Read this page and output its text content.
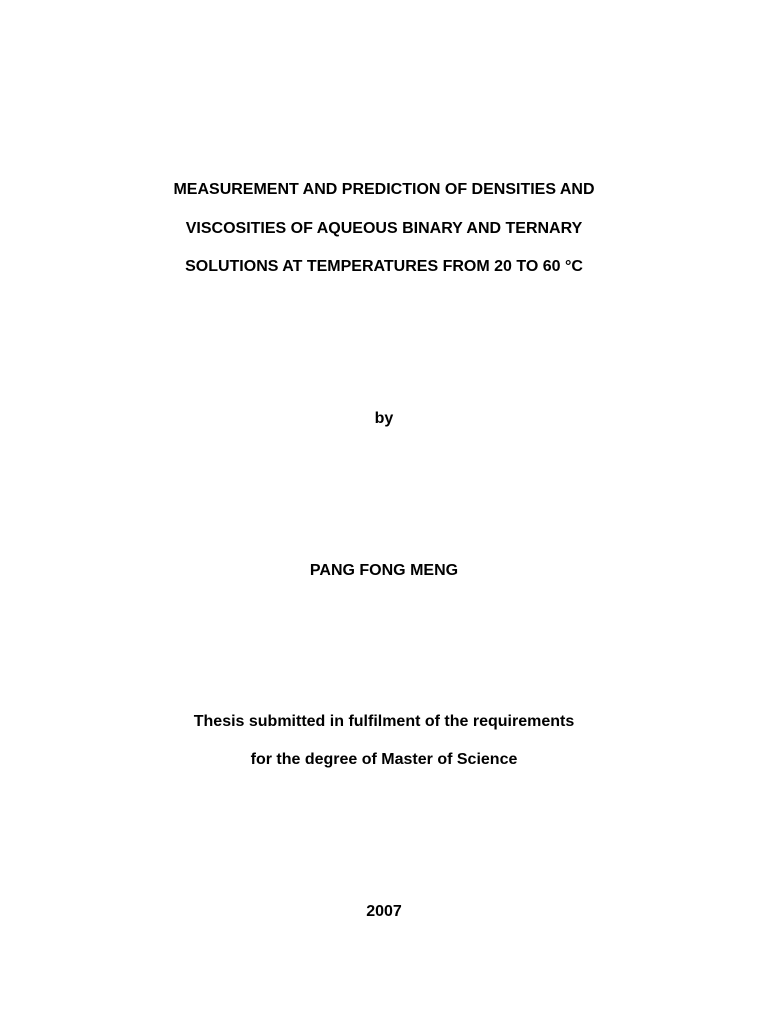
MEASUREMENT AND PREDICTION OF DENSITIES AND

VISCOSITIES OF AQUEOUS BINARY AND TERNARY

SOLUTIONS AT TEMPERATURES FROM 20 TO 60 °C

by

PANG FONG MENG

Thesis submitted in fulfilment of the requirements

for the degree of Master of Science

2007
